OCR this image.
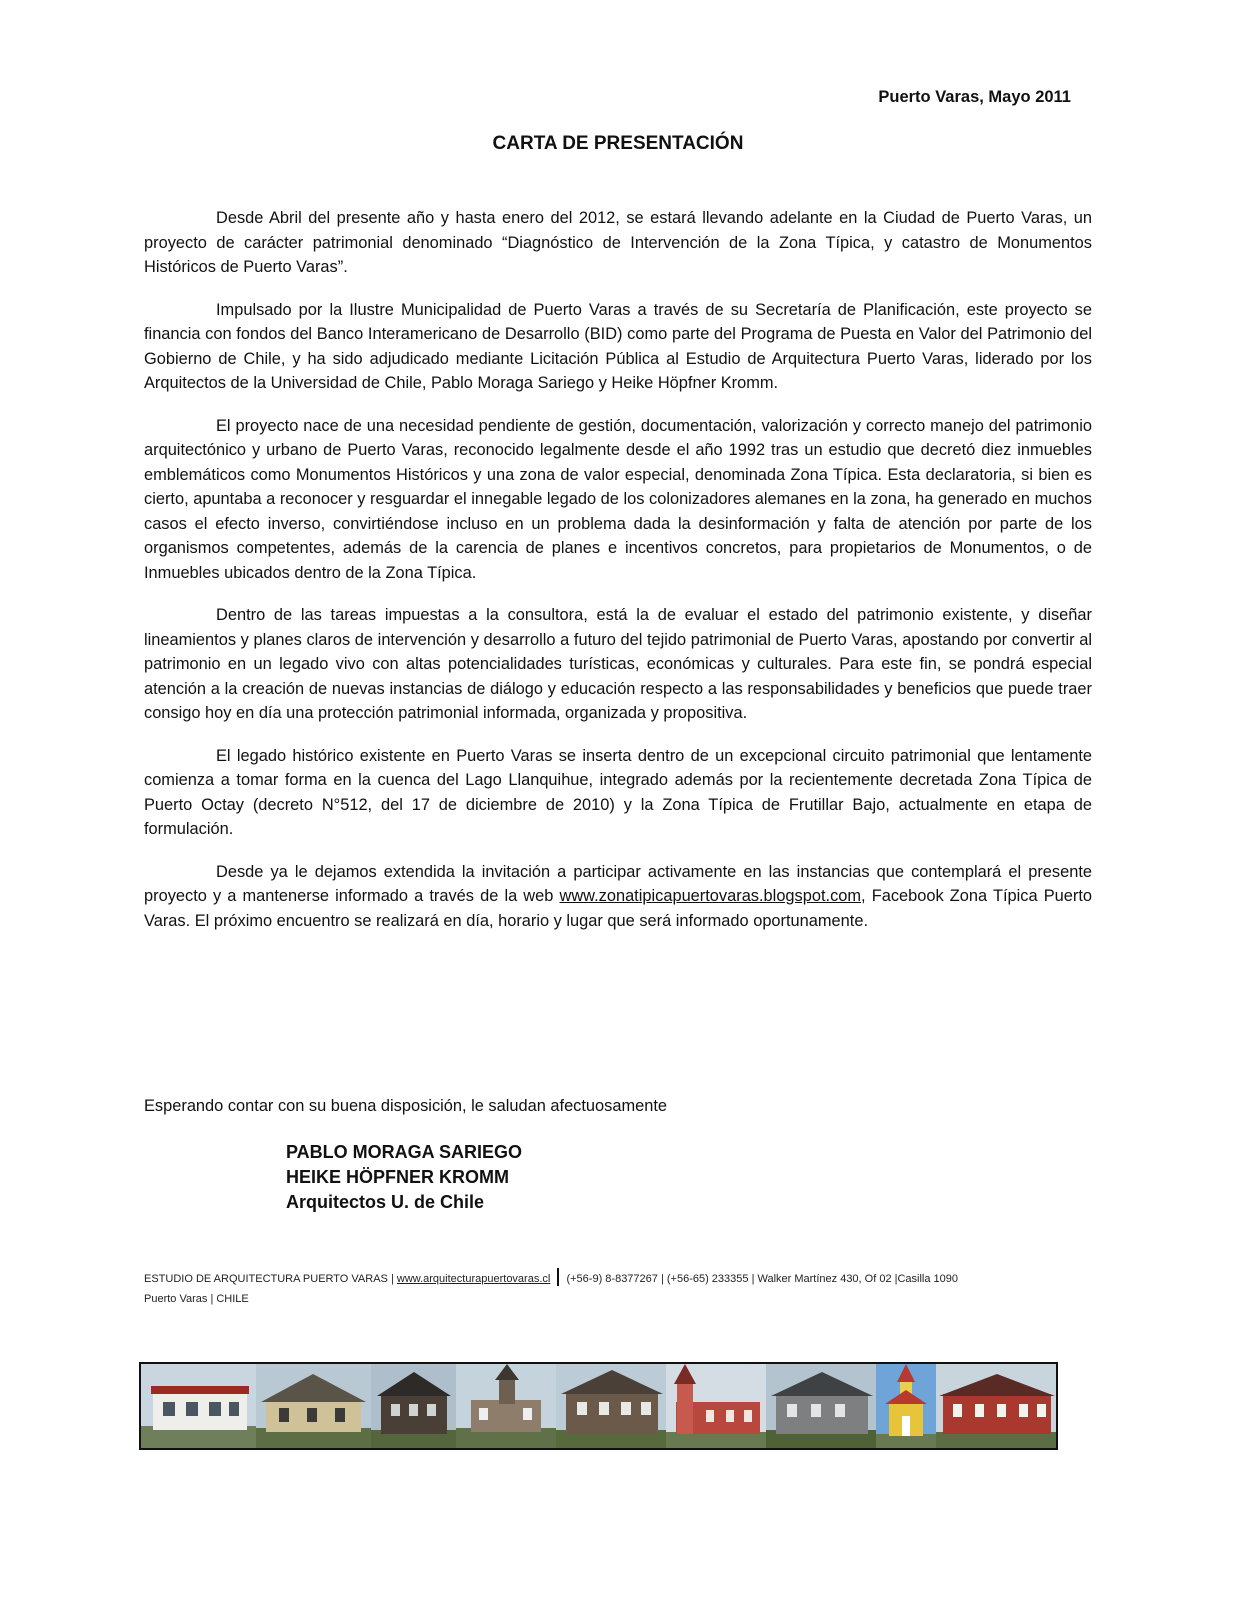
Puerto Varas, Mayo 2011
CARTA DE PRESENTACIÓN

Desde Abril del presente año y hasta enero del 2012, se estará llevando adelante en la Ciudad de Puerto Varas, un proyecto de carácter patrimonial denominado “Diagnóstico de Intervención de la Zona Típica, y catastro de Monumentos Históricos de Puerto Varas”.

Impulsado por la Ilustre Municipalidad de Puerto Varas a través de su Secretaría de Planificación, este proyecto se financia con fondos del Banco Interamericano de Desarrollo (BID) como parte del Programa de Puesta en Valor del Patrimonio del Gobierno de Chile, y ha sido adjudicado mediante Licitación Pública al Estudio de Arquitectura Puerto Varas, liderado por los Arquitectos de la Universidad de Chile, Pablo Moraga Sariego y Heike Höpfner Kromm.

El proyecto nace de una necesidad pendiente de gestión, documentación, valorización y correcto manejo del patrimonio arquitectónico y urbano de Puerto Varas, reconocido legalmente desde el año 1992 tras un estudio que decretó diez inmuebles emblemáticos como Monumentos Históricos y una zona de valor especial, denominada Zona Típica. Esta declaratoria, si bien es cierto, apuntaba a reconocer y resguardar el innegable legado de los colonizadores alemanes en la zona, ha generado en muchos casos el efecto inverso, convirtiéndose incluso en un problema dada la desinformación y falta de atención por parte de los organismos competentes, además de la carencia de planes e incentivos concretos, para propietarios de Monumentos, o de Inmuebles ubicados dentro de la Zona Típica.

Dentro de las tareas impuestas a la consultora, está la de evaluar el estado del patrimonio existente, y diseñar lineamientos y planes claros de intervención y desarrollo a futuro del tejido patrimonial de Puerto Varas, apostando por convertir al patrimonio en un legado vivo con altas potencialidades turísticas, económicas y culturales. Para este fin, se pondrá especial atención a la creación de nuevas instancias de diálogo y educación respecto a las responsabilidades y beneficios que puede traer consigo hoy en día una protección patrimonial informada, organizada y propositiva.

El legado histórico existente en Puerto Varas se inserta dentro de un excepcional circuito patrimonial que lentamente comienza a tomar forma en la cuenca del Lago Llanquihue, integrado además por la recientemente decretada Zona Típica de Puerto Octay (decreto N°512, del 17 de diciembre de 2010) y la Zona Típica de Frutillar Bajo, actualmente en etapa de formulación.

Desde ya le dejamos extendida la invitación a participar activamente en las instancias que contemplará el presente proyecto y a mantenerse informado a través de la web www.zonatipicapuertovaras.blogspot.com, Facebook Zona Típica Puerto Varas. El próximo encuentro se realizará en día, horario y lugar que será informado oportunamente.

Esperando contar con su buena disposición, le saludan afectuosamente
PABLO MORAGA SARIEGO
HEIKE HÖPFNER KROMM
Arquitectos U. de Chile
ESTUDIO DE ARQUITECTURA PUERTO VARAS | www.arquitecturapuertovaras.cl (+56-9) 8-8377267 | (+56-65) 233355 | Walker Martínez 430, Of 02 |Casilla 1090
Puerto Varas | CHILE
